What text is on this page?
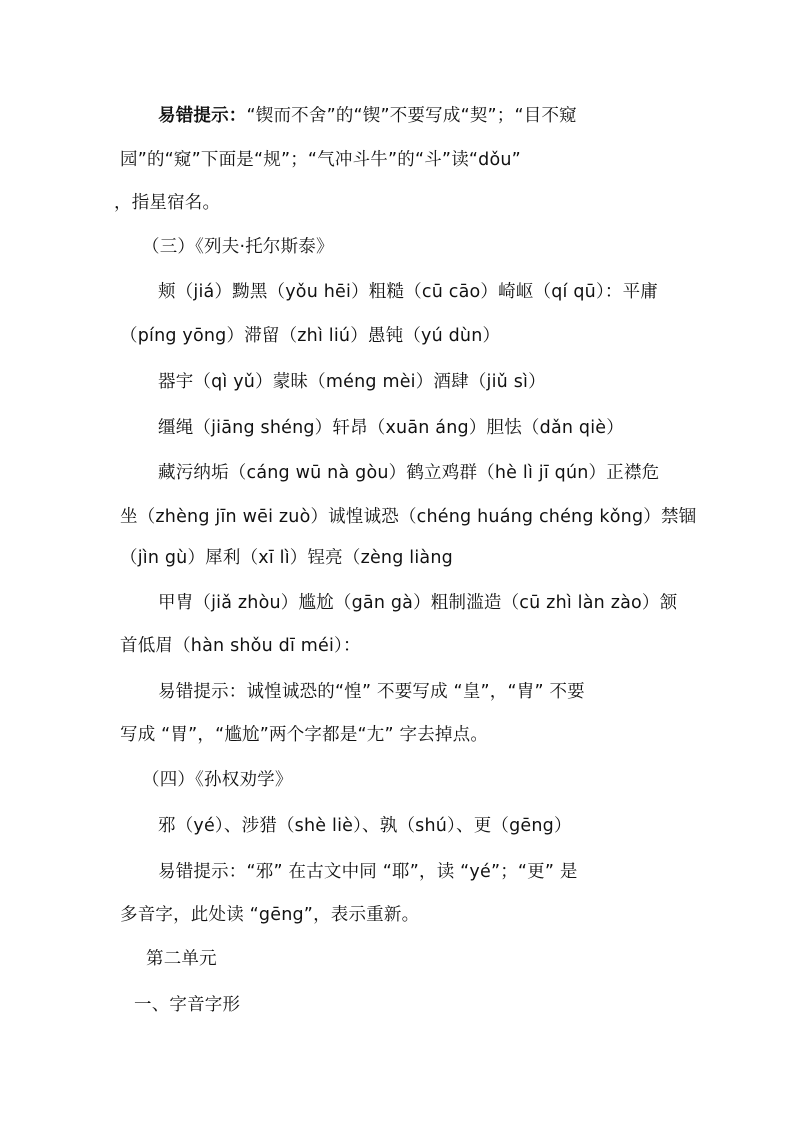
易错提示：“锲而不舍”的“锲”不要写成“契”；“目不窥
园”的“窥”下面是“规”；“气冲斗牛”的“斗”读“dǒu”
，指星宿名。
（三）《列夫·托尔斯泰》
颊（jiá）黝黑（yǒu hēi）粗糙（cū cāo）崎岖（qí qū）：平庸
（píng yōng）滞留（zhì liú）愚钝（yú dùn）
器宇（qì yǔ）蒙昧（méng mèi）酒肆（jiǔ sì）
缰绳（jiāng shéng）轩昂（xuān áng）胆怯（dǎn qiè）
藏污纳垢（cáng wū nà gòu）鹤立鸡群（hè lì jī qún）正襟危
坐（zhèng jīn wēi zuò）诚惶诚恐（chéng huáng chéng kǒng）禁锢
（jìn gù）犀利（xī lì）锃亮（zèng liàng
甲胄（jiǎ zhòu）尴尬（gān gà）粗制滥造（cū zhì làn zào）颔
首低眉（hàn shǒu dī méi）：
易错提示：诚惶诚恐的“惶” 不要写成 “皇”，“胄” 不要
写成 “胃”，“尴尬”两个字都是“尢” 字去掉点。
（四）《孙权劝学》
邪（yé）、涉猎（shè liè）、孰（shú）、更（gēng）
易错提示：“邪” 在古文中同 “耶”，读 “yé”；“更” 是
多音字，此处读 “gēng”，表示重新。
第二单元
一、字音字形
